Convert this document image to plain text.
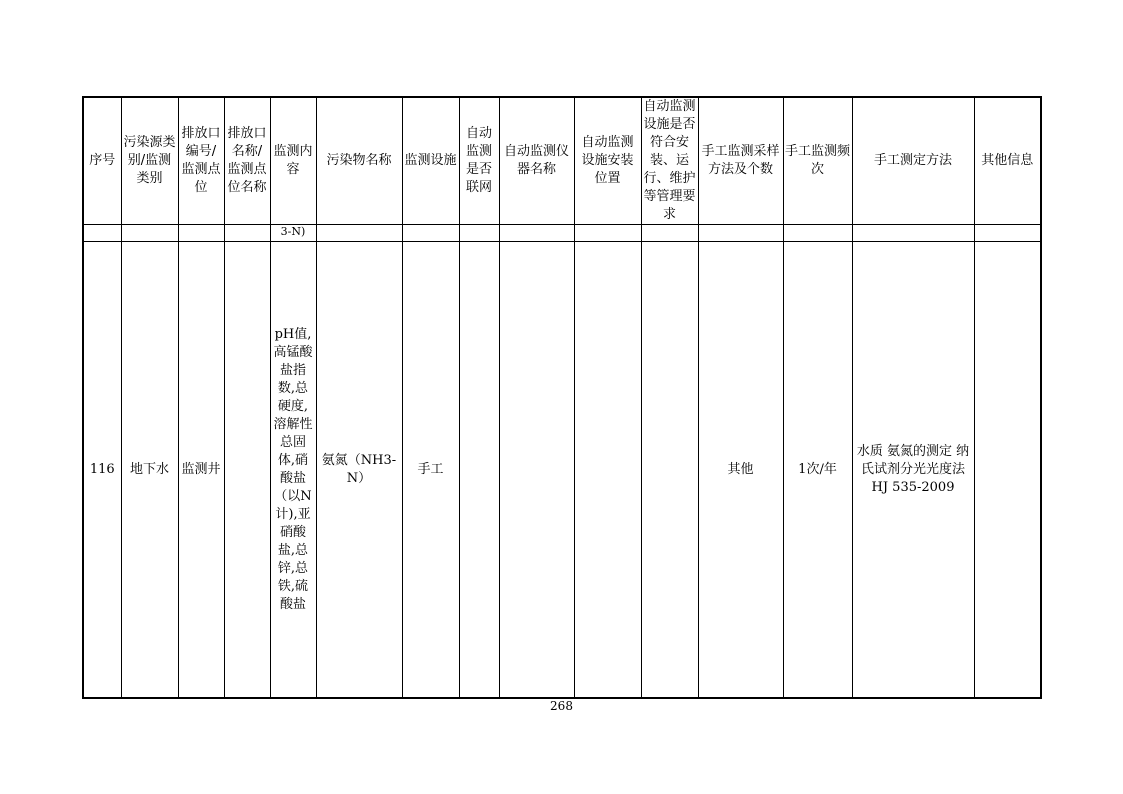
序号	污染源类别/监测类别	排放口编号/监测点位	排放口名称/监测点位名称	监测内容	污染物名称	监测设施	自动监测是否联网	自动监测仪器名称	自动监测设施安装位置	自动监测设施是否符合安装、运行、维护等管理要求	手工监测采样方法及个数	手工监测频次	手工测定方法	其他信息
				3-N)										
116	地下水	监测井		pH值,高锰酸盐指数,总硬度,溶解性总固体,硝酸盐（以N计),亚硝酸盐,总锌,总铁,硫酸盐	氨氮（NH3-N）	手工					其他	1次/年	水质 氨氮的测定 纳氏试剂分光光度法 HJ 535-2009	
268
